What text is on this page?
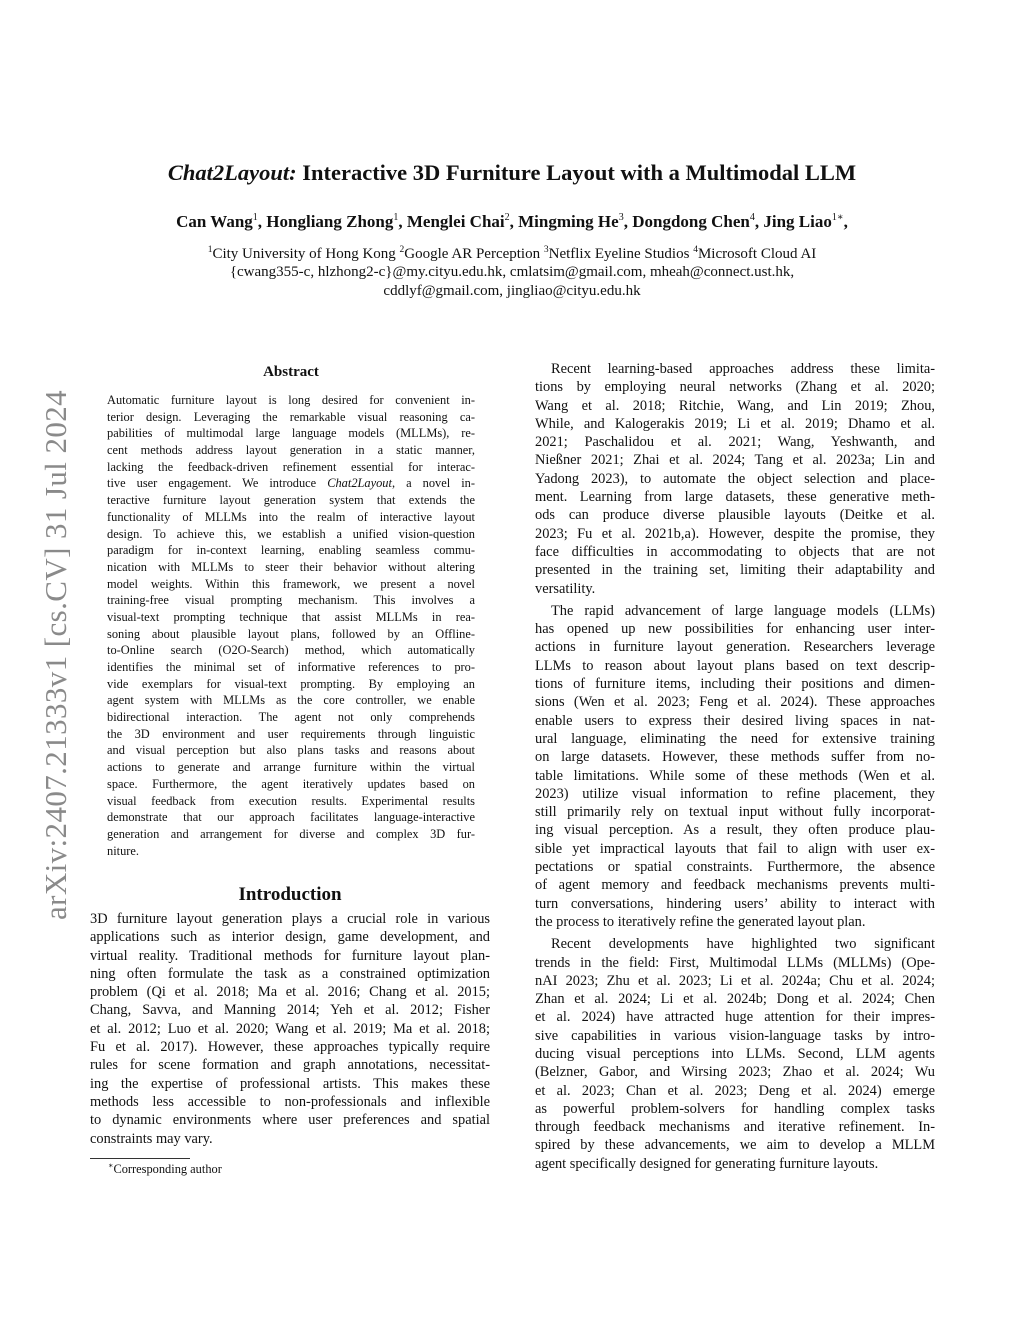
arXiv:2407.21333v1 [cs.CV] 31 Jul 2024
Chat2Layout: Interactive 3D Furniture Layout with a Multimodal LLM
Can Wang$^1$, Hongliang Zhong$^1$, Menglei Chai$^2$, Mingming He$^3$, Dongdong Chen$^4$, Jing Liao$^{1∗}$,
$^1$City University of Hong Kong $^2$Google AR Perception $^3$Netflix Eyeline Studios $^4$Microsoft Cloud AI
{cwang355-c, hlzhong2-c}@my.cityu.edu.hk, cmlatsim@gmail.com, mheah@connect.ust.hk,
cddlyf@gmail.com, jingliao@cityu.edu.hk
Abstract
Automatic furniture layout is long desired for convenient in-
terior design. Leveraging the remarkable visual reasoning ca-
pabilities of multimodal large language models (MLLMs), re-
cent methods address layout generation in a static manner,
lacking the feedback-driven refinement essential for interac-
tive user engagement. We introduce Chat2Layout, a novel in-
teractive furniture layout generation system that extends the
functionality of MLLMs into the realm of interactive layout
design. To achieve this, we establish a unified vision-question
paradigm for in-context learning, enabling seamless commu-
nication with MLLMs to steer their behavior without altering
model weights. Within this framework, we present a novel
training-free visual prompting mechanism. This involves a
visual-text prompting technique that assist MLLMs in rea-
soning about plausible layout plans, followed by an Offline-
to-Online search (O2O-Search) method, which automatically
identifies the minimal set of informative references to pro-
vide exemplars for visual-text prompting. By employing an
agent system with MLLMs as the core controller, we enable
bidirectional interaction. The agent not only comprehends
the 3D environment and user requirements through linguistic
and visual perception but also plans tasks and reasons about
actions to generate and arrange furniture within the virtual
space. Furthermore, the agent iteratively updates based on
visual feedback from execution results. Experimental results
demonstrate that our approach facilitates language-interactive
generation and arrangement for diverse and complex 3D fur-
niture.
Introduction
3D furniture layout generation plays a crucial role in various
applications such as interior design, game development, and
virtual reality. Traditional methods for furniture layout plan-
ning often formulate the task as a constrained optimization
problem (Qi et al. 2018; Ma et al. 2016; Chang et al. 2015;
Chang, Savva, and Manning 2014; Yeh et al. 2012; Fisher
et al. 2012; Luo et al. 2020; Wang et al. 2019; Ma et al. 2018;
Fu et al. 2017). However, these approaches typically require
rules for scene formation and graph annotations, necessitat-
ing the expertise of professional artists. This makes these
methods less accessible to non-professionals and inflexible
to dynamic environments where user preferences and spatial
constraints may vary.
∗Corresponding author
Recent learning-based approaches address these limita-
tions by employing neural networks (Zhang et al. 2020;
Wang et al. 2018; Ritchie, Wang, and Lin 2019; Zhou,
While, and Kalogerakis 2019; Li et al. 2019; Dhamo et al.
2021; Paschalidou et al. 2021; Wang, Yeshwanth, and
Nießner 2021; Zhai et al. 2024; Tang et al. 2023a; Lin and
Yadong 2023), to automate the object selection and place-
ment. Learning from large datasets, these generative meth-
ods can produce diverse plausible layouts (Deitke et al.
2023; Fu et al. 2021b,a). However, despite the promise, they
face difficulties in accommodating to objects that are not
presented in the training set, limiting their adaptability and
versatility.
The rapid advancement of large language models (LLMs)
has opened up new possibilities for enhancing user inter-
actions in furniture layout generation. Researchers leverage
LLMs to reason about layout plans based on text descrip-
tions of furniture items, including their positions and dimen-
sions (Wen et al. 2023; Feng et al. 2024). These approaches
enable users to express their desired living spaces in nat-
ural language, eliminating the need for extensive training
on large datasets. However, these methods suffer from no-
table limitations. While some of these methods (Wen et al.
2023) utilize visual information to refine placement, they
still primarily rely on textual input without fully incorporat-
ing visual perception. As a result, they often produce plau-
sible yet impractical layouts that fail to align with user ex-
pectations or spatial constraints. Furthermore, the absence
of agent memory and feedback mechanisms prevents multi-
turn conversations, hindering users’ ability to interact with
the process to iteratively refine the generated layout plan.
Recent developments have highlighted two significant
trends in the field: First, Multimodal LLMs (MLLMs) (Ope-
nAI 2023; Zhu et al. 2023; Li et al. 2024a; Chu et al. 2024;
Zhan et al. 2024; Li et al. 2024b; Dong et al. 2024; Chen
et al. 2024) have attracted huge attention for their impres-
sive capabilities in various vision-language tasks by intro-
ducing visual perceptions into LLMs. Second, LLM agents
(Belzner, Gabor, and Wirsing 2023; Zhao et al. 2024; Wu
et al. 2023; Chan et al. 2023; Deng et al. 2024) emerge
as powerful problem-solvers for handling complex tasks
through feedback mechanisms and iterative refinement. In-
spired by these advancements, we aim to develop a MLLM
agent specifically designed for generating furniture layouts.
